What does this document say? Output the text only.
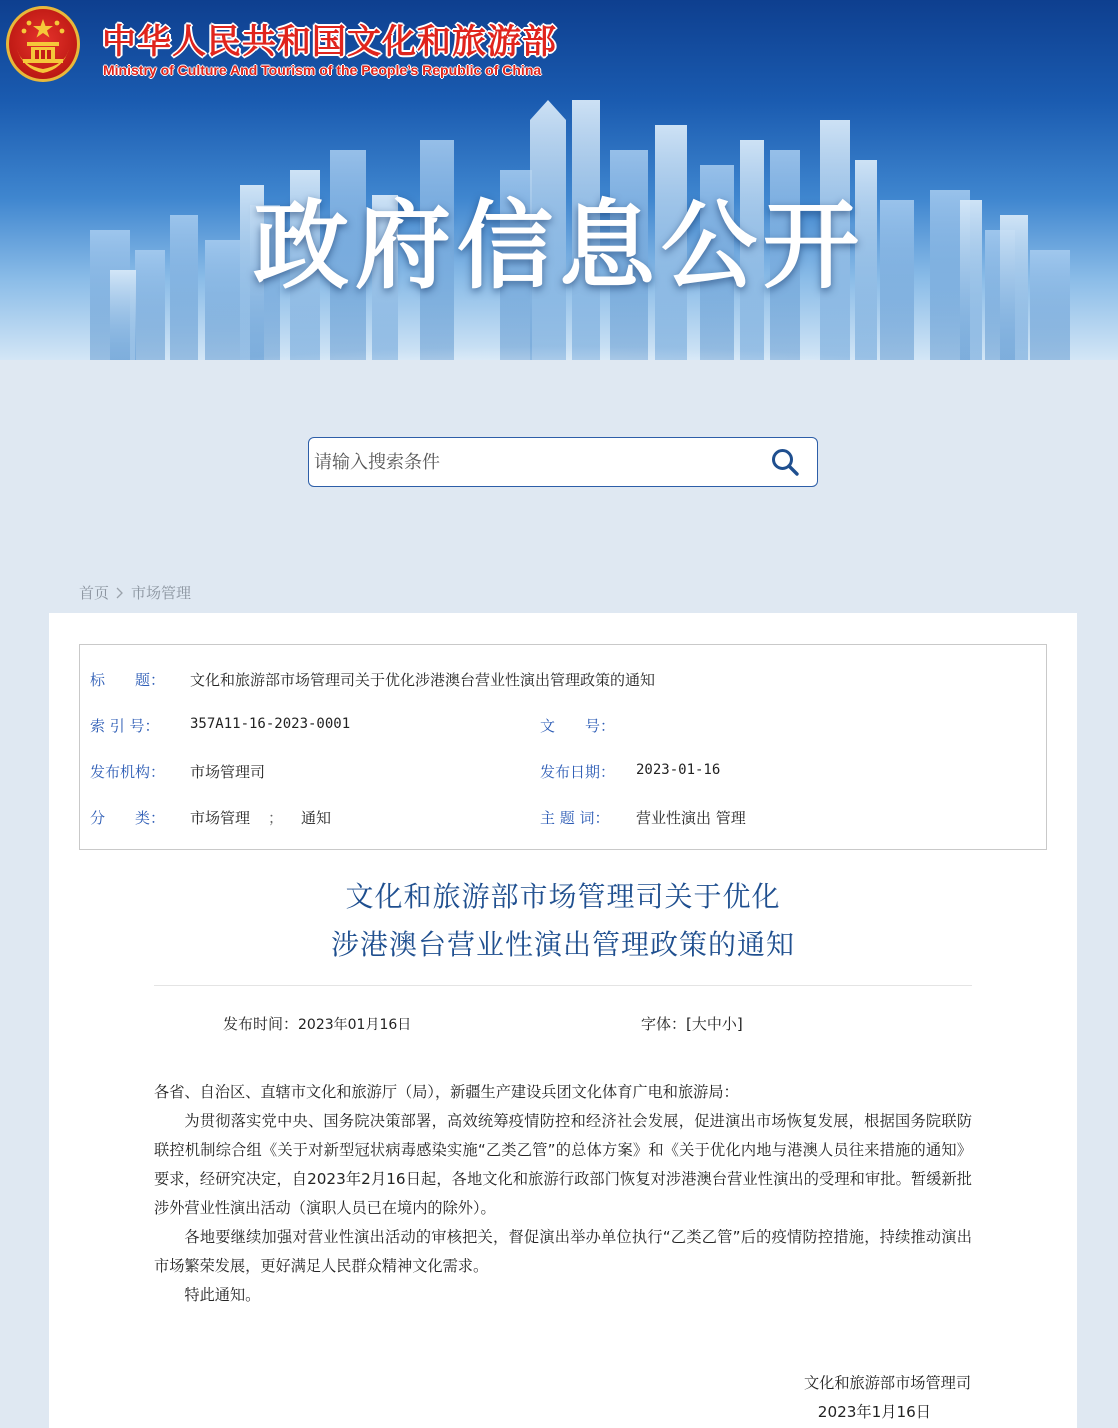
中华人民共和国文化和旅游部
Ministry of Culture And Tourism of the People’s Republic of China
政府信息公开
请输入搜索条件
首页 市场管理
标　　题： 文化和旅游部市场管理司关于优化涉港澳台营业性演出管理政策的通知
索 引 号： 357A11-16-2023-0001	文　　号：
发布机构： 市场管理司	发布日期： 2023-01-16
分　　类： 市场管理 ； 通知	主 题 词： 营业性演出 管理
文化和旅游部市场管理司关于优化
涉港澳台营业性演出管理政策的通知
发布时间：2023年01月16日	字体：[大中小]

各省、自治区、直辖市文化和旅游厅（局），新疆生产建设兵团文化体育广电和旅游局：

为贯彻落实党中央、国务院决策部署，高效统筹疫情防控和经济社会发展，促进演出市场恢复发展，根据国务院联防联控机制综合组《关于对新型冠状病毒感染实施“乙类乙管”的总体方案》和《关于优化内地与港澳人员往来措施的通知》要求，经研究决定，自2023年2月16日起，各地文化和旅游行政部门恢复对涉港澳台营业性演出的受理和审批。暂缓新批涉外营业性演出活动（演职人员已在境内的除外）。

各地要继续加强对营业性演出活动的审核把关，督促演出举办单位执行“乙类乙管”后的疫情防控措施，持续推动演出市场繁荣发展，更好满足人民群众精神文化需求。

特此通知。

文化和旅游部市场管理司
2023年1月16日
